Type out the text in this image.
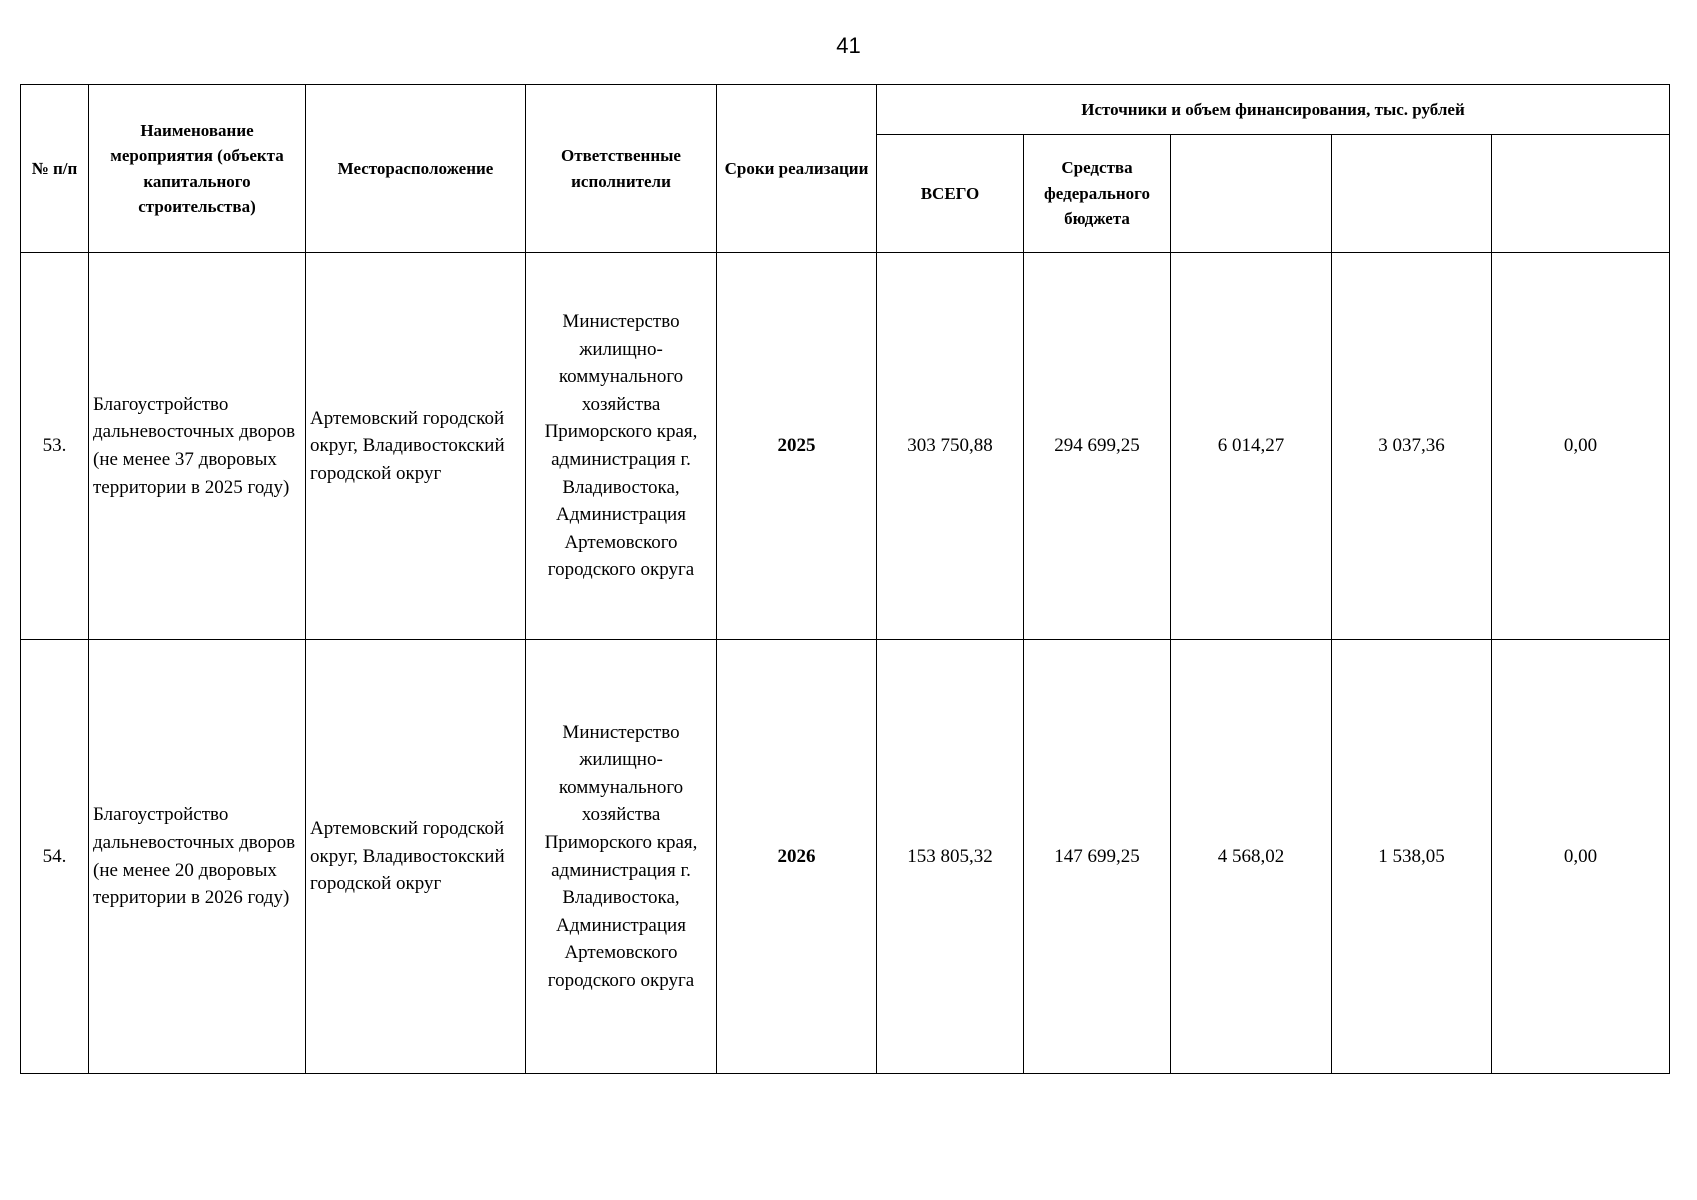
41
№ п/п	Наименование мероприятия (объекта капитального строительства)	Месторасположение	Ответственные исполнители	Сроки реализации	Источники и объем финансирования, тыс. рублей				
					ВСЕГО	Средства федерального бюджета			
53.	Благоустройство дальневосточных дворов (не менее 37 дворовых территории в 2025 году)	Артемовский городской округ, Владивостокский городской округ	Министерство жилищно-коммунального хозяйства Приморского края, администрация г. Владивостока, Администрация Артемовского городского округа	2025	303 750,88	294 699,25	6 014,27	3 037,36	0,00
54.	Благоустройство дальневосточных дворов (не менее 20 дворовых территории в 2026 году)	Артемовский городской округ, Владивостокский городской округ	Министерство жилищно-коммунального хозяйства Приморского края, администрация г. Владивостока, Администрация Артемовского городского округа	2026	153 805,32	147 699,25	4 568,02	1 538,05	0,00
